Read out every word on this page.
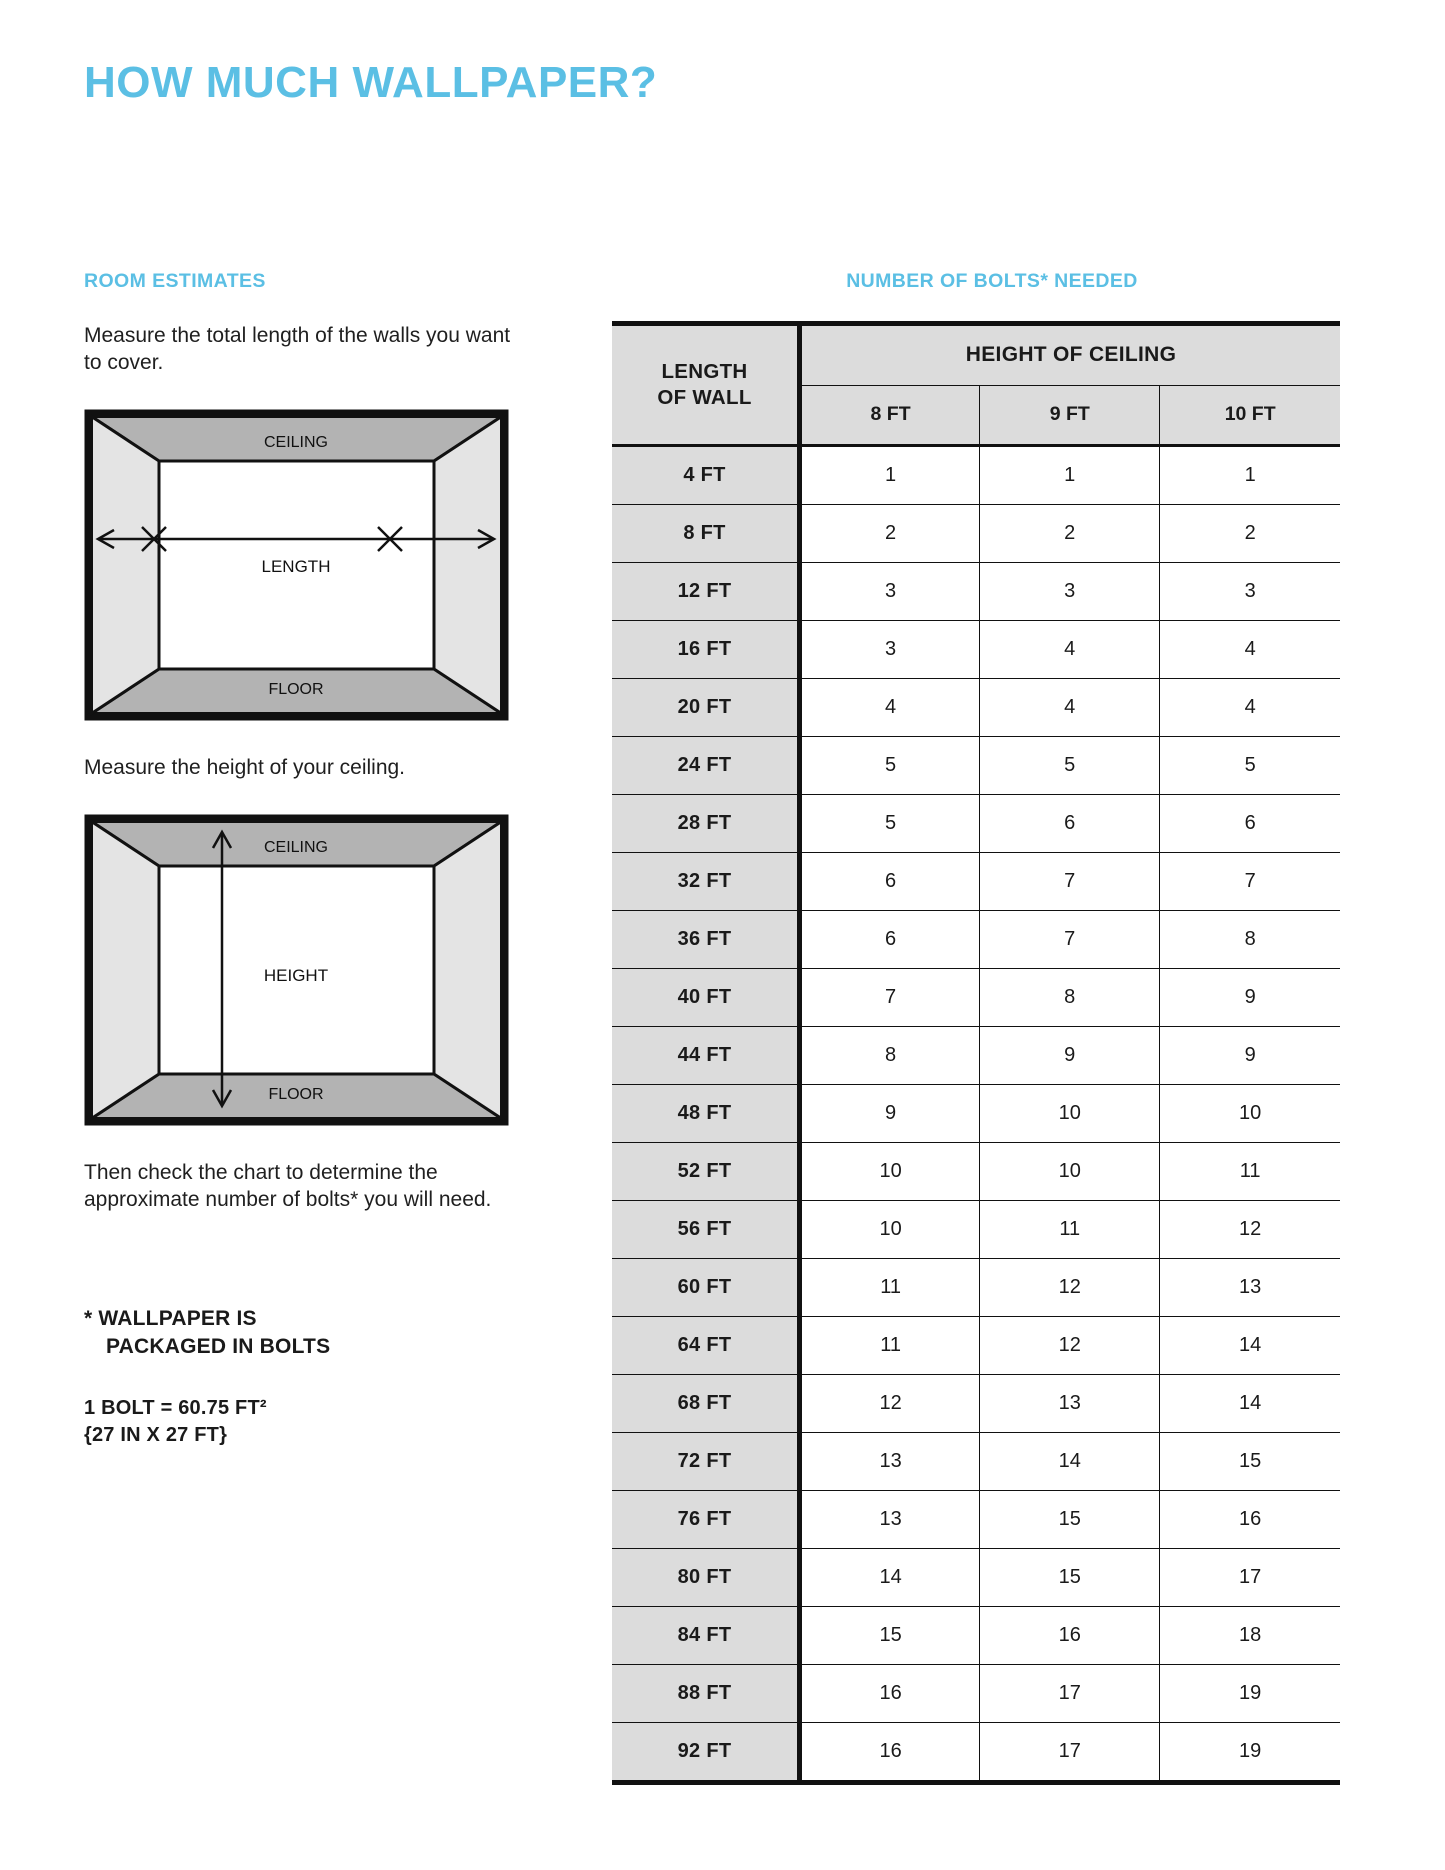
HOW MUCH WALLPAPER?
ROOM ESTIMATES

Measure the total length of the walls you want to cover.

LENGTH
CEILING
FLOOR

Measure the height of your ceiling.

HEIGHT
CEILING
FLOOR

Then check the chart to determine the approximate number of bolts* you will need.

* WALLPAPER IS
PACKAGED IN BOLTS
1 BOLT = 60.75 FT²
{27 IN X 27 FT}
NUMBER OF BOLTS* NEEDED
LENGTH
OF WALL	HEIGHT OF CEILING		
	8 FT	9 FT	10 FT
4 FT	1	1	1
8 FT	2	2	2
12 FT	3	3	3
16 FT	3	4	4
20 FT	4	4	4
24 FT	5	5	5
28 FT	5	6	6
32 FT	6	7	7
36 FT	6	7	8
40 FT	7	8	9
44 FT	8	9	9
48 FT	9	10	10
52 FT	10	10	11
56 FT	10	11	12
60 FT	11	12	13
64 FT	11	12	14
68 FT	12	13	14
72 FT	13	14	15
76 FT	13	15	16
80 FT	14	15	17
84 FT	15	16	18
88 FT	16	17	19
92 FT	16	17	19
